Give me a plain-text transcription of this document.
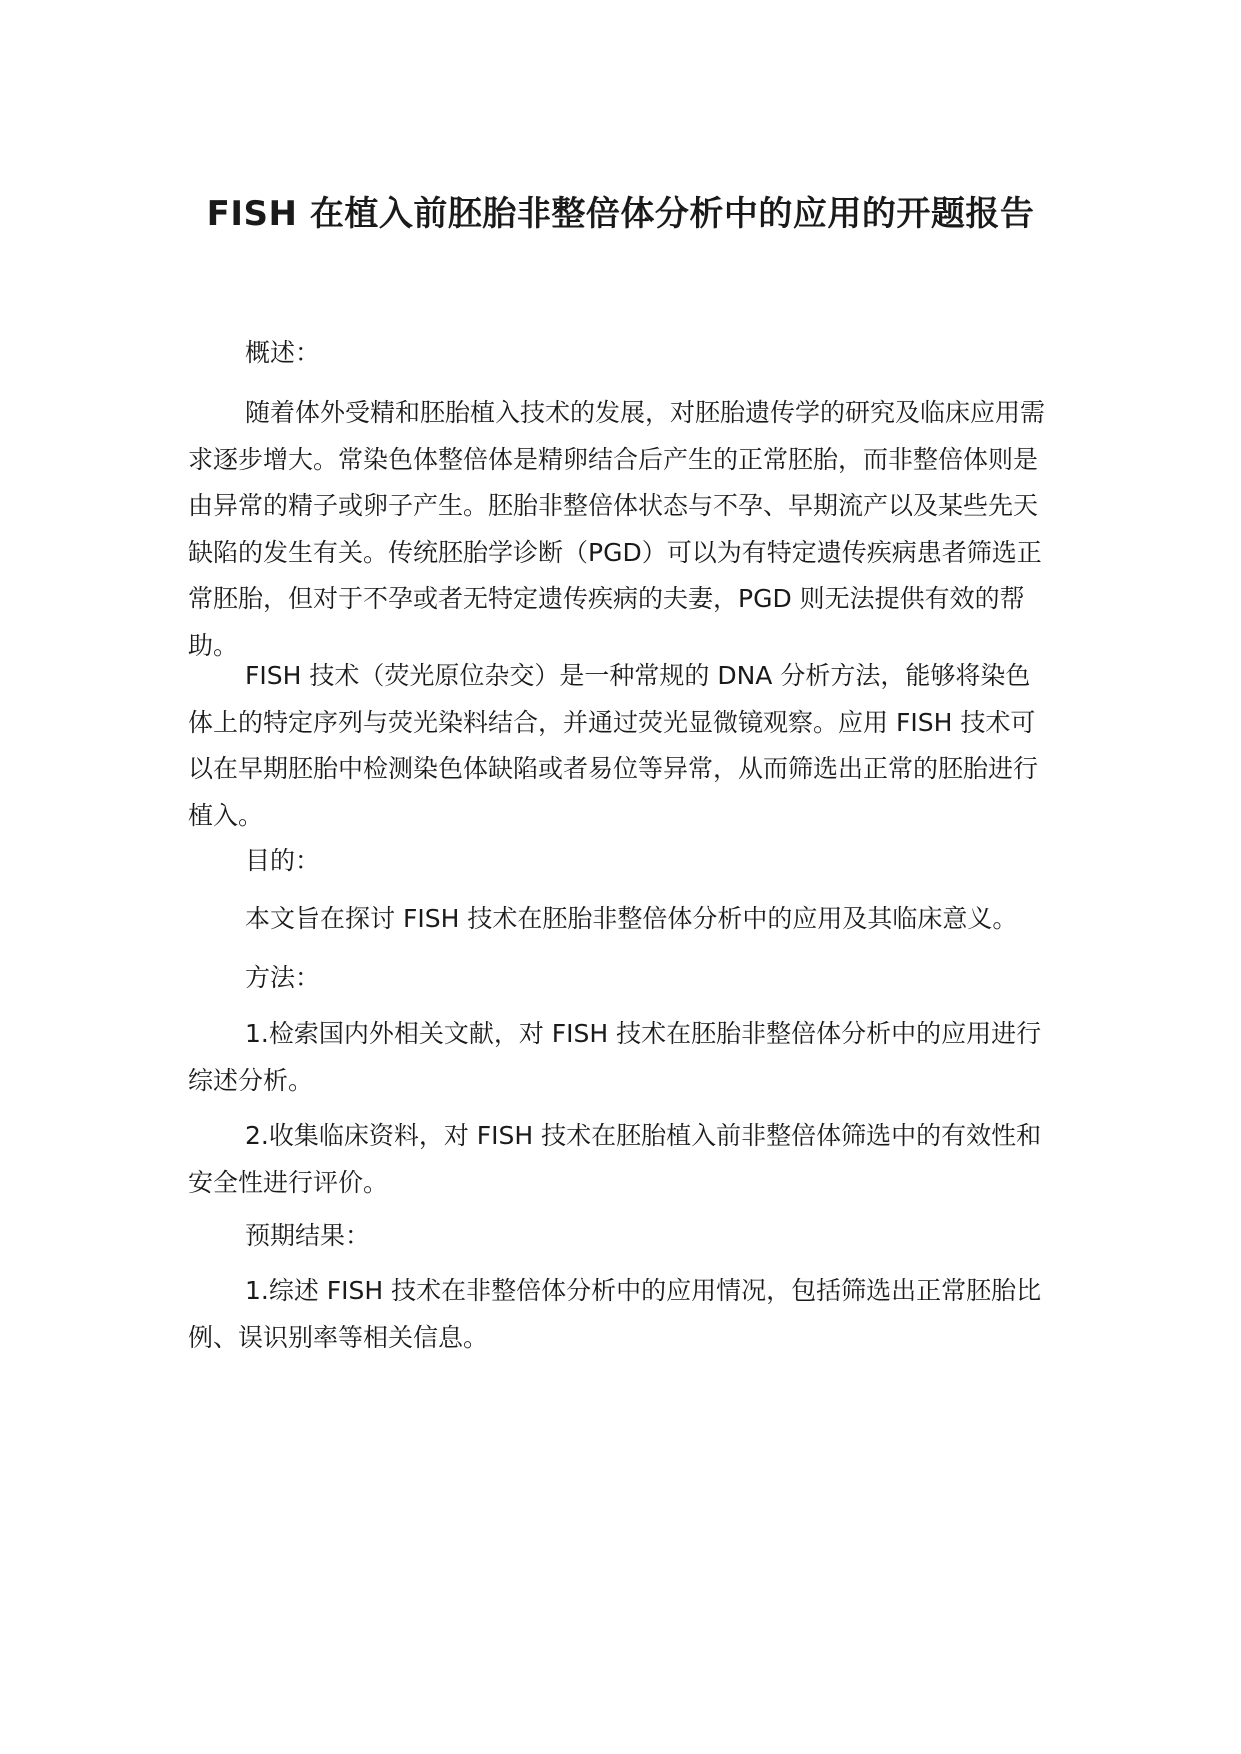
FISH 在植入前胚胎非整倍体分析中的应用的开题报告

概述：

随着体外受精和胚胎植入技术的发展，对胚胎遗传学的研究及临床应用需求逐步增大。常染色体整倍体是精卵结合后产生的正常胚胎，而非整倍体则是由异常的精子或卵子产生。胚胎非整倍体状态与不孕、早期流产以及某些先天缺陷的发生有关。传统胚胎学诊断（PGD）可以为有特定遗传疾病患者筛选正常胚胎，但对于不孕或者无特定遗传疾病的夫妻，PGD 则无法提供有效的帮助。

FISH 技术（荧光原位杂交）是一种常规的 DNA 分析方法，能够将染色体上的特定序列与荧光染料结合，并通过荧光显微镜观察。应用 FISH 技术可以在早期胚胎中检测染色体缺陷或者易位等异常，从而筛选出正常的胚胎进行植入。

目的：

本文旨在探讨 FISH 技术在胚胎非整倍体分析中的应用及其临床意义。

方法：

1.检索国内外相关文献，对 FISH 技术在胚胎非整倍体分析中的应用进行综述分析。

2.收集临床资料，对 FISH 技术在胚胎植入前非整倍体筛选中的有效性和安全性进行评价。

预期结果：

1.综述 FISH 技术在非整倍体分析中的应用情况，包括筛选出正常胚胎比例、误识别率等相关信息。
